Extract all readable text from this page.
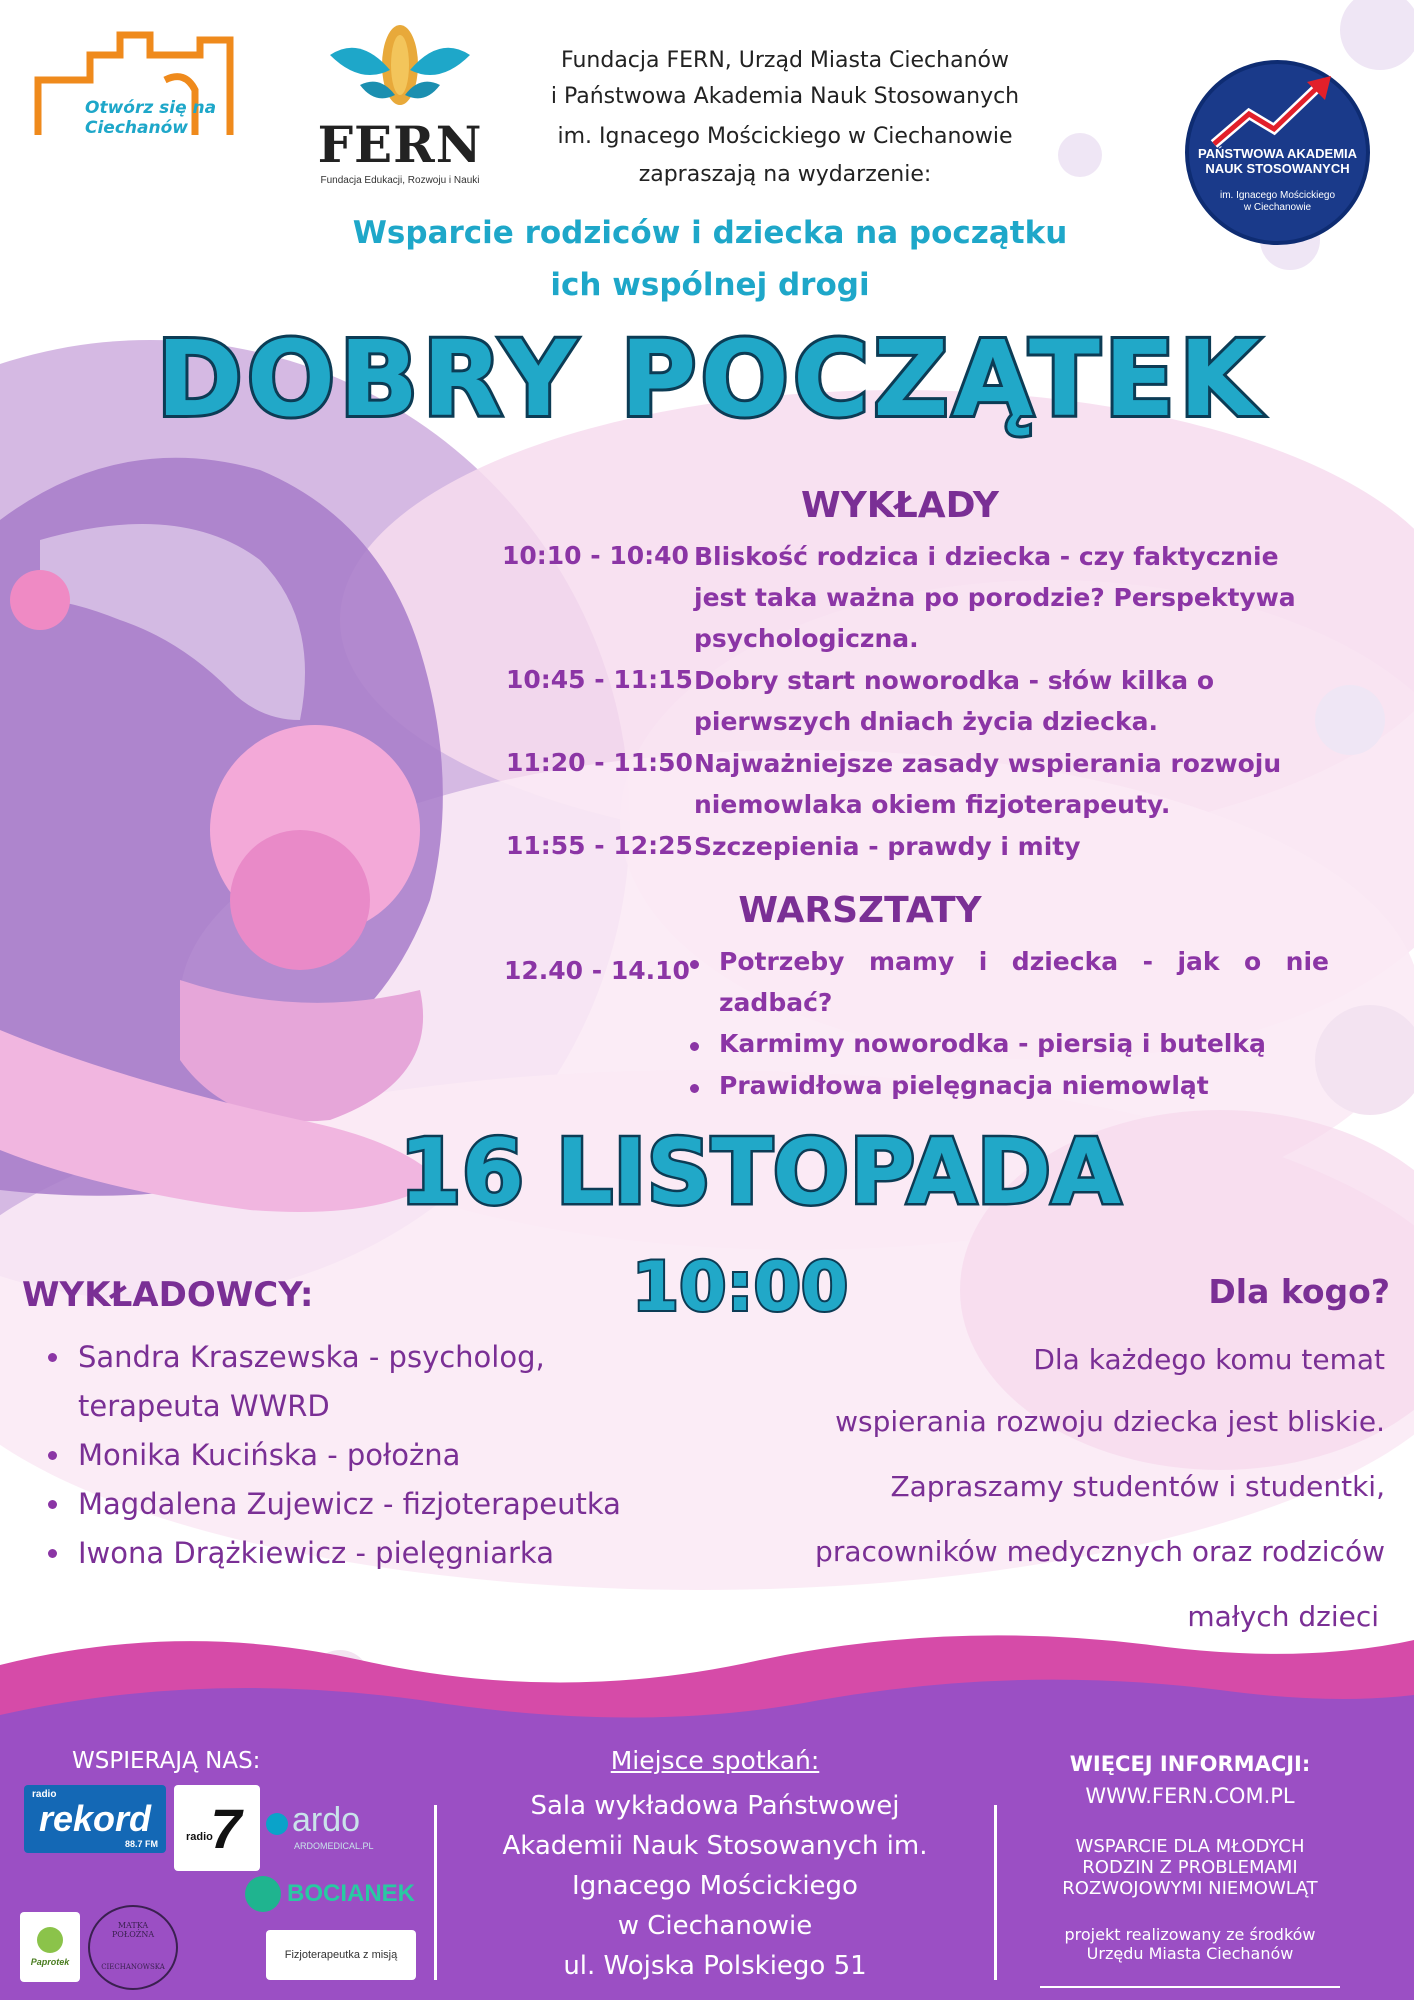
Otwórz się na Ciechanów	FERN
Fundacja Edukacji, Rozwoju i Nauki
Fundacja FERN, Urząd Miasta Ciechanów
i Państwowa Akademia Nauk Stosowanych
im. Ignacego Mościckiego w Ciechanowie
zapraszają na wydarzenie:
PAŃSTWOWA AKADEMIA
NAUK STOSOWANYCH
im. Ignacego Mościckiego
w Ciechanowie
Wsparcie rodziców i dziecka na początku
ich wspólnej drogi
DOBRY POCZĄTEK
WYKŁADY
10:10 - 10:40 Bliskość rodzica i dziecka - czy faktycznie
jest taka ważna po porodzie? Perspektywa
psychologiczna.
10:45 - 11:15 Dobry start noworodka - słów kilka o
pierwszych dniach życia dziecka.
11:20 - 11:50 Najważniejsze zasady wspierania rozwoju
niemowlaka okiem fizjoterapeuty.
11:55 - 12:25 Szczepienia - prawdy i mity
WARSZTATY
12.40 - 14.10 Potrzeby mamy i dziecka - jak o nie
zadbać?
Karmimy noworodka - piersią i butelką
Prawidłowa pielęgnacja niemowląt
16 LISTOPADA
10:00
WYKŁADOWCY:
Sandra Kraszewska - psycholog,
terapeuta WWRD
Monika Kucińska - położna
Magdalena Zujewicz - fizjoterapeutka
Iwona Drążkiewicz - pielęgniarka
Dla kogo?
Dla każdego komu temat
wspierania rozwoju dziecka jest bliskie.
Zapraszamy studentów i studentki,
pracowników medycznych oraz rodziców
małych dzieci
WSPIERAJĄ NAS:
radio
rekord
88.7 FM
radio
7 ardo
ARDOMEDICAL.PL
BOCIANEK
Paprotek
MATKA POŁOŻNA
CIECHANOWSKA
Fizjoterapeutka z misją
Miejsce spotkań:
Sala wykładowa Państwowej
Akademii Nauk Stosowanych im.
Ignacego Mościckiego
w Ciechanowie
ul. Wojska Polskiego 51
WIĘCEJ INFORMACJI:
WWW.FERN.COM.PL
WSPARCIE DLA MŁODYCH
RODZIN Z PROBLEMAMI
ROZWOJOWYMI NIEMOWLĄT
projekt realizowany ze środków
Urzędu Miasta Ciechanów
